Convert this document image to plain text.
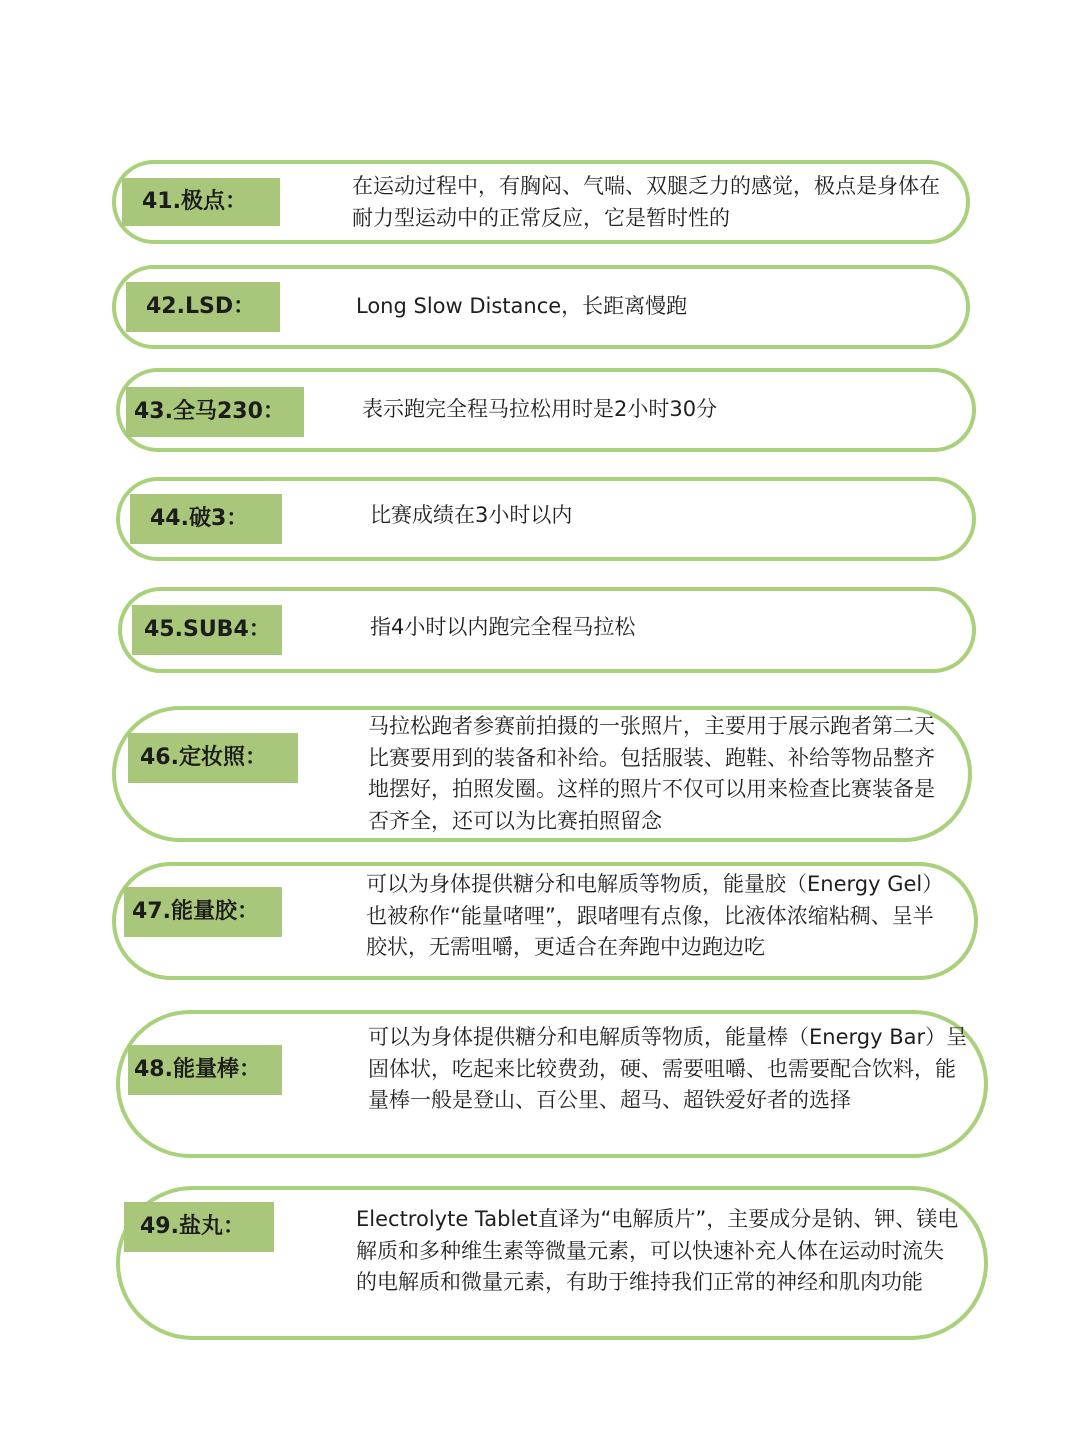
41.极点：

在运动过程中，有胸闷、气喘、双腿乏力的感觉，极点是身体在耐力型运动中的正常反应，它是暂时性的

42.LSD：	Long Slow Distance，长距离慢跑

43.全马230：	表示跑完全程马拉松用时是2小时30分

44.破3：	比赛成绩在3小时以内

45.SUB4：	指4小时以内跑完全程马拉松

46.定妆照：

马拉松跑者参赛前拍摄的一张照片，主要用于展示跑者第二天比赛要用到的装备和补给。包括服装、跑鞋、补给等物品整齐地摆好，拍照发圈。这样的照片不仅可以用来检查比赛装备是否齐全，还可以为比赛拍照留念

47.能量胶：

可以为身体提供糖分和电解质等物质，能量胶（Energy Gel）也被称作“能量啫哩”，跟啫哩有点像，比液体浓缩粘稠、呈半胶状，无需咀嚼，更适合在奔跑中边跑边吃

48.能量棒：

可以为身体提供糖分和电解质等物质，能量棒（Energy Bar）呈固体状，吃起来比较费劲，硬、需要咀嚼、也需要配合饮料，能量棒一般是登山、百公里、超马、超铁爱好者的选择

49.盐丸：	Electrolyte Tablet直译为“电解质片”，主要成分是钠、钾、镁电解质和多种维生素等微量元素，可以快速补充人体在运动时流失的电解质和微量元素，有助于维持我们正常的神经和肌肉功能
